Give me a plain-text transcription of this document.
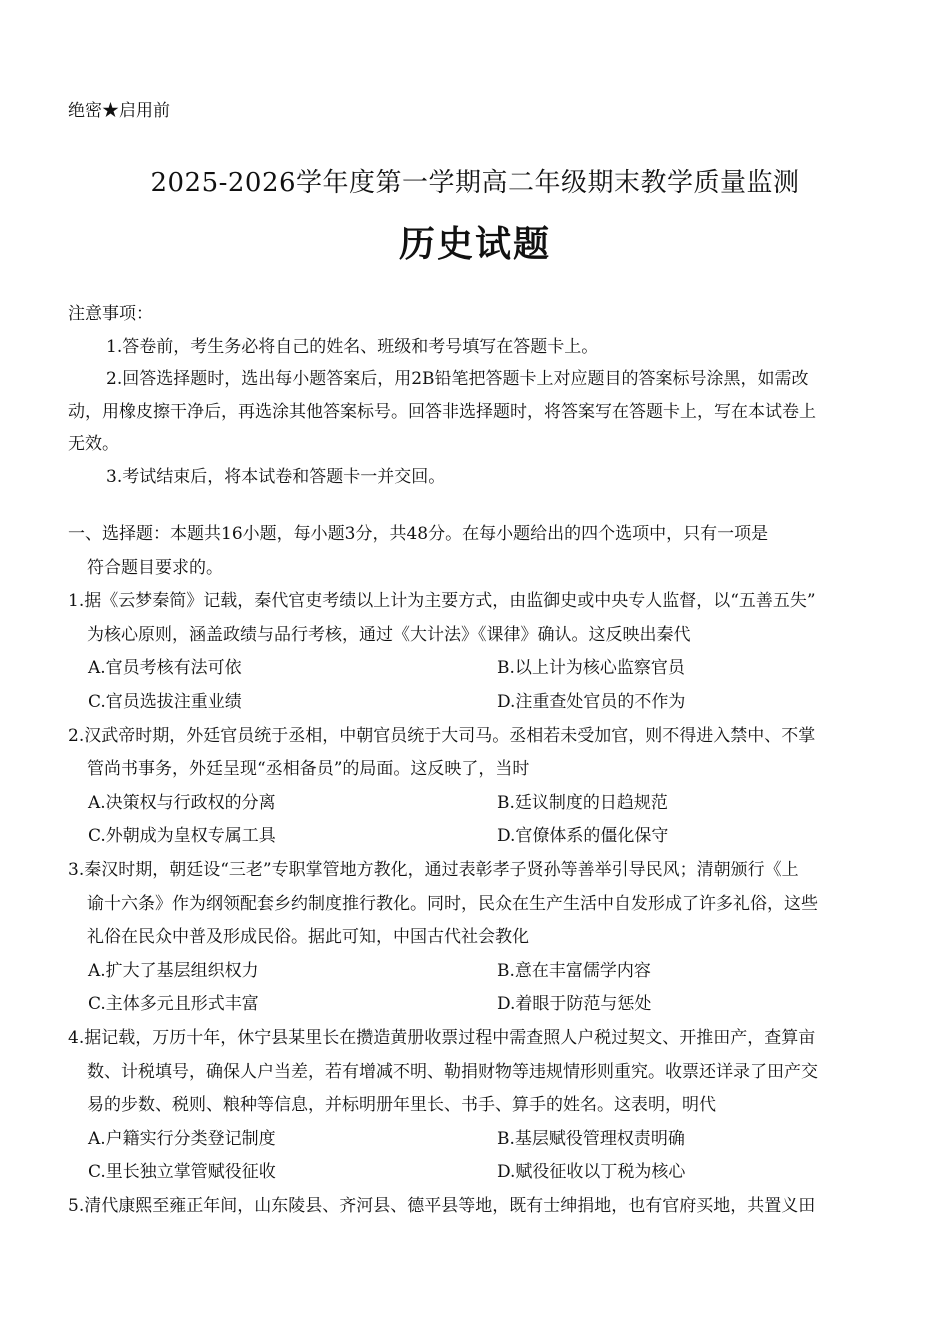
绝密★启用前
2025-2026学年度第一学期高二年级期末教学质量监测
历史试题
注意事项：
1.答卷前，考生务必将自己的姓名、班级和考号填写在答题卡上。
2.回答选择题时，选出每小题答案后，用2B铅笔把答题卡上对应题目的答案标号涂黑，如需改
动，用橡皮擦干净后，再选涂其他答案标号。回答非选择题时，将答案写在答题卡上，写在本试卷上
无效。
3.考试结束后，将本试卷和答题卡一并交回。
一、选择题：本题共16小题，每小题3分，共48分。在每小题给出的四个选项中，只有一项是
符合题目要求的。
1.据《云梦秦简》记载，秦代官吏考绩以上计为主要方式，由监御史或中央专人监督，以“五善五失”
为核心原则，涵盖政绩与品行考核，通过《大计法》《课律》确认。这反映出秦代
A.官员考核有法可依	B.以上计为核心监察官员
C.官员选拔注重业绩	D.注重查处官员的不作为
2.汉武帝时期，外廷官员统于丞相，中朝官员统于大司马。丞相若未受加官，则不得进入禁中、不掌
管尚书事务，外廷呈现“丞相备员”的局面。这反映了，当时
A.决策权与行政权的分离	B.廷议制度的日趋规范
C.外朝成为皇权专属工具	D.官僚体系的僵化保守
3.秦汉时期，朝廷设“三老”专职掌管地方教化，通过表彰孝子贤孙等善举引导民风；清朝颁行《上
谕十六条》作为纲领配套乡约制度推行教化。同时，民众在生产生活中自发形成了许多礼俗，这些
礼俗在民众中普及形成民俗。据此可知，中国古代社会教化
A.扩大了基层组织权力	B.意在丰富儒学内容
C.主体多元且形式丰富	D.着眼于防范与惩处
4.据记载，万历十年，休宁县某里长在攒造黄册收票过程中需查照人户税过契文、开推田产，查算亩
数、计税填号，确保人户当差，若有增减不明、勒捐财物等违规情形则重究。收票还详录了田产交
易的步数、税则、粮种等信息，并标明册年里长、书手、算手的姓名。这表明，明代
A.户籍实行分类登记制度	B.基层赋役管理权责明确
C.里长独立掌管赋役征收	D.赋役征收以丁税为核心
5.清代康熙至雍正年间，山东陵县、齐河县、德平县等地，既有士绅捐地，也有官府买地，共置义田
